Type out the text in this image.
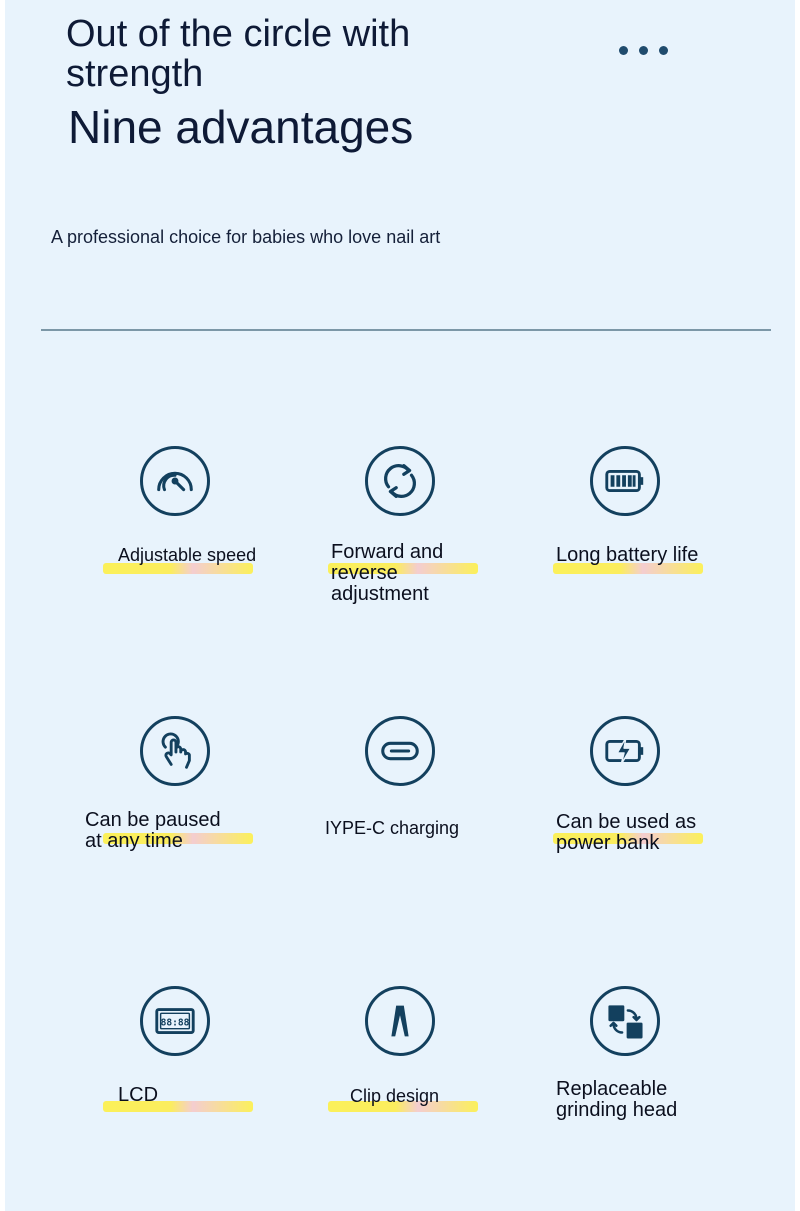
Out of the circle with strength
Nine advantages
A professional choice for babies who love nail art
Adjustable speed	Forward and
reverse
adjustment
Long battery life
Can be paused
at any time
IYPE-C charging	Can be used as
power bank
88:88
LCD	Clip design	Replaceable
grinding head
